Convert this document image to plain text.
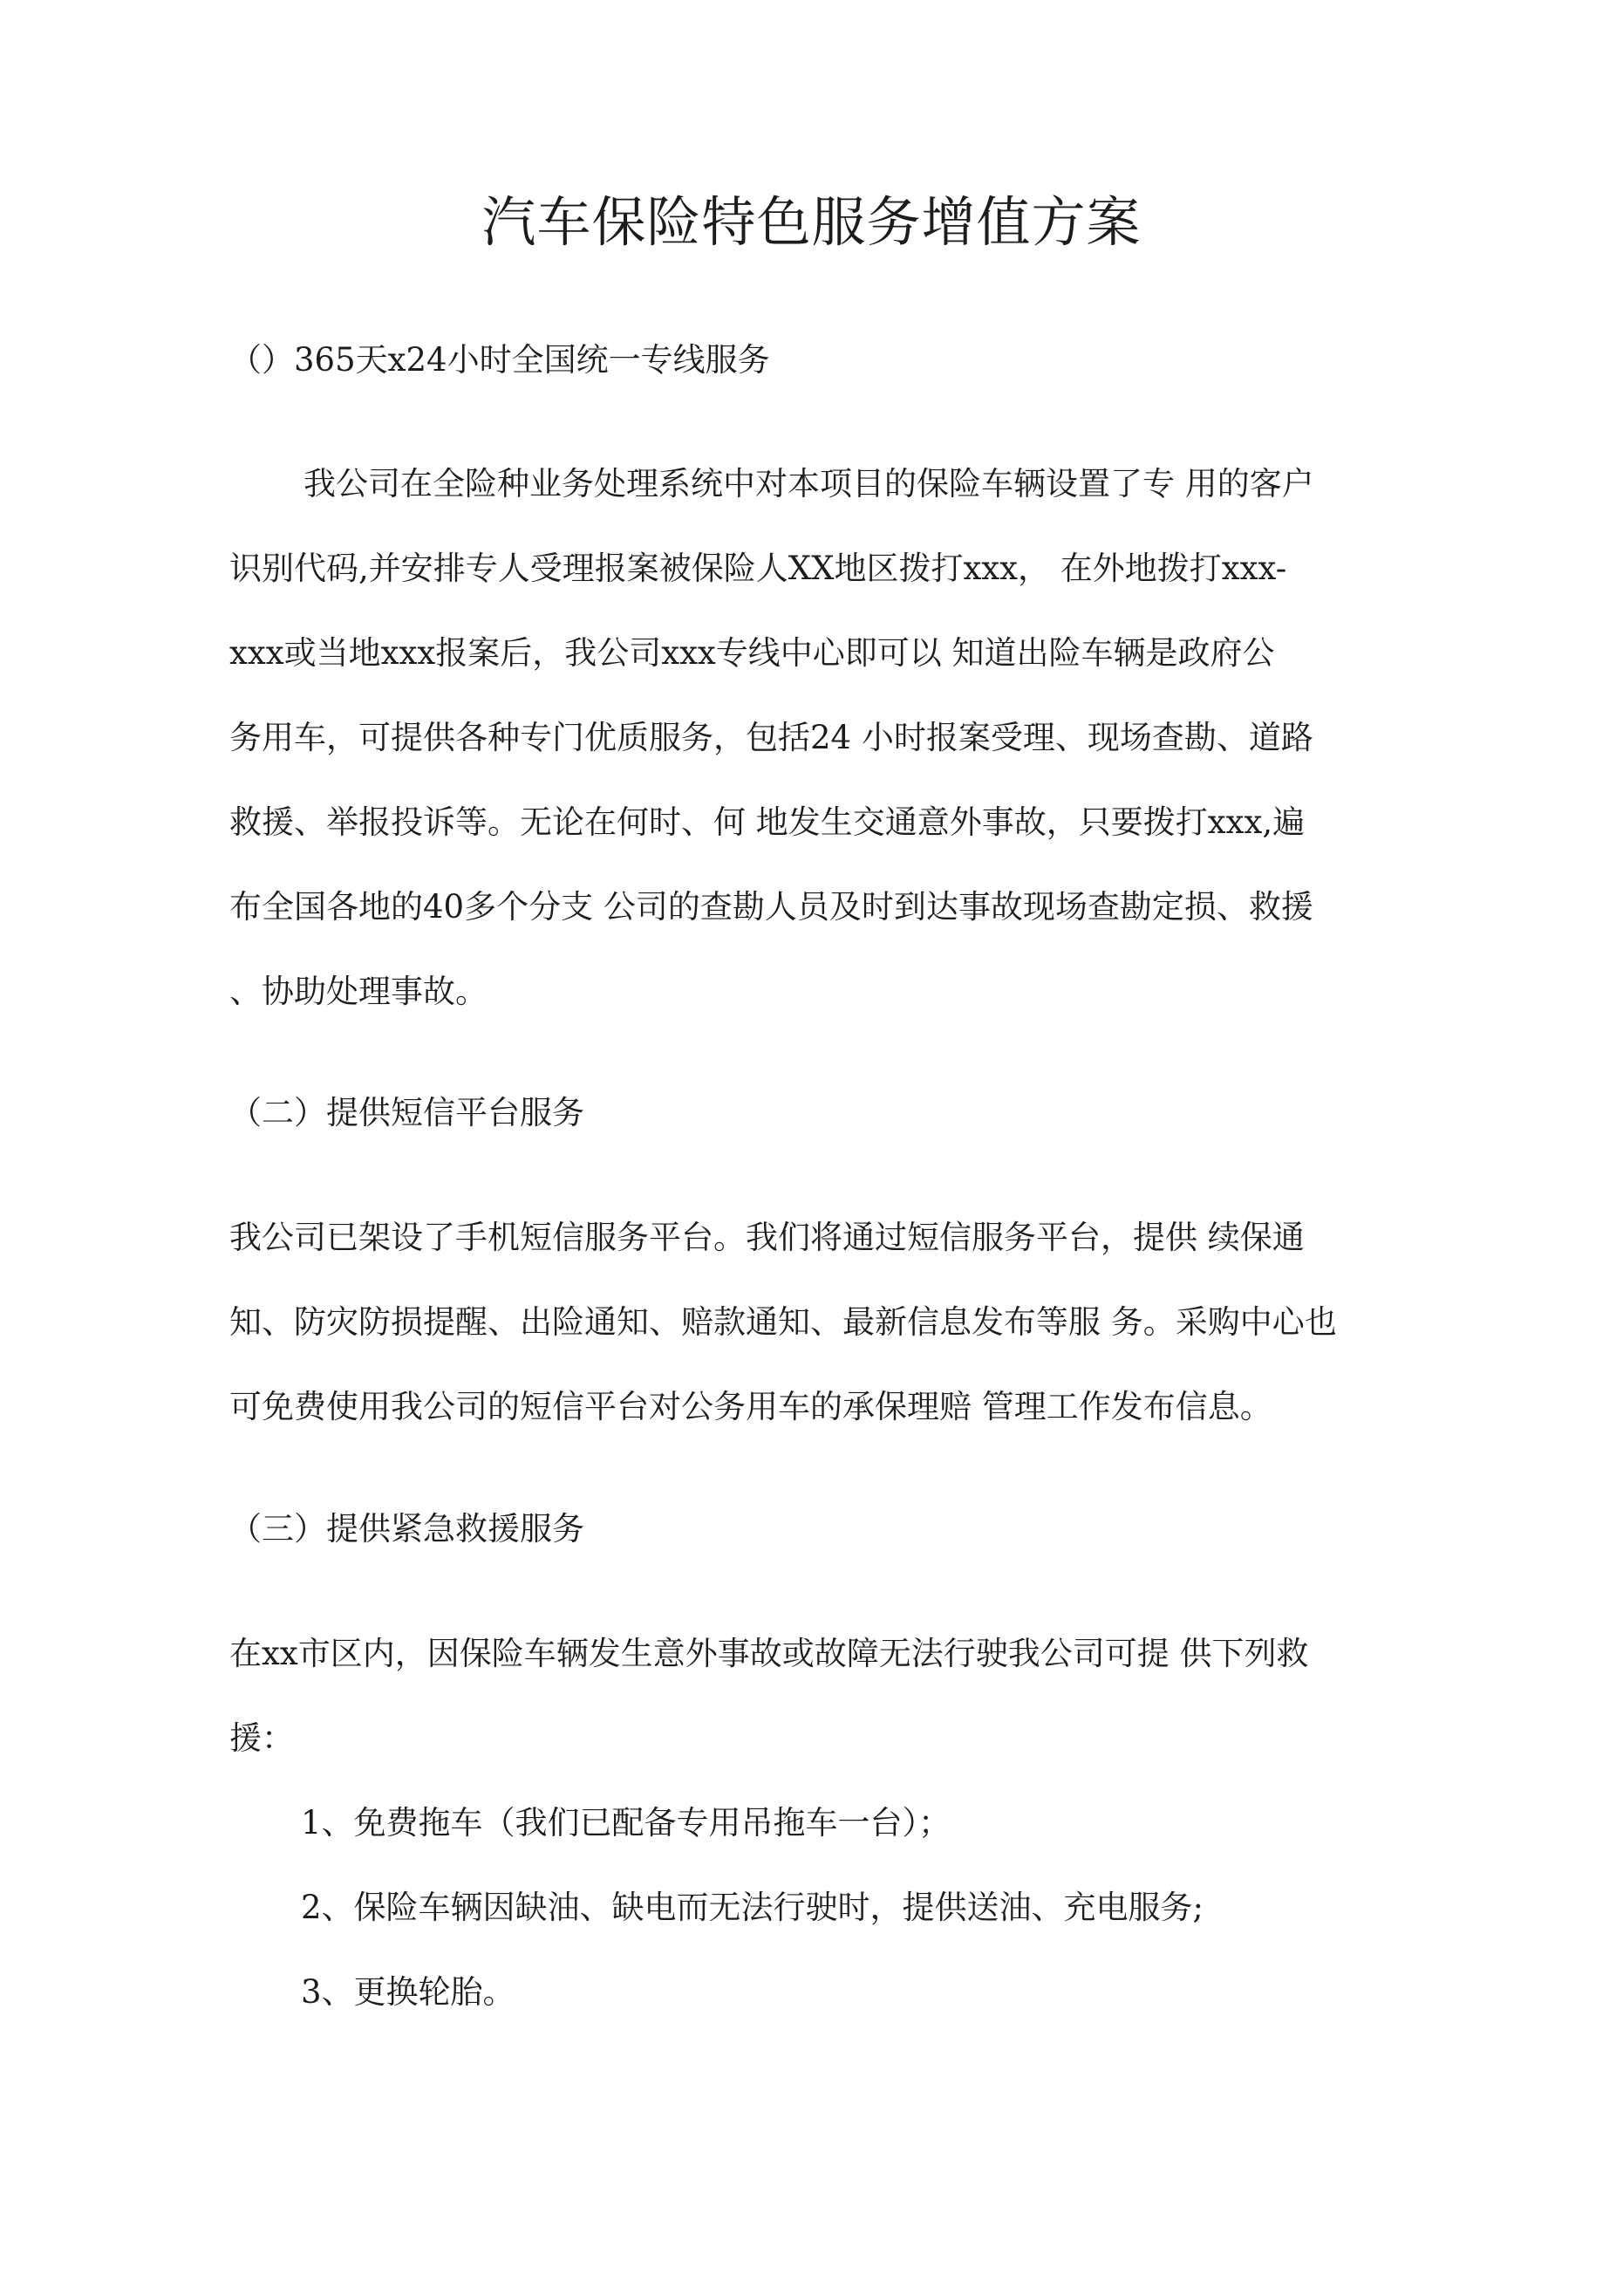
汽车保险特色服务增值方案
（）365天x24小时全国统一专线服务
我公司在全险种业务处理系统中对本项目的保险车辆设置了专 用的客户
识别代码,并安排专人受理报案被保险人XX地区拨打xxx， 在外地拨打xxx-
xxx或当地xxx报案后，我公司xxx专线中心即可以 知道出险车辆是政府公
务用车，可提供各种专门优质服务，包括24 小时报案受理、现场查勘、道路
救援、举报投诉等。无论在何时、何 地发生交通意外事故，只要拨打xxx,遍
布全国各地的40多个分支 公司的查勘人员及时到达事故现场查勘定损、救援
、协助处理事故。
（二）提供短信平台服务
我公司已架设了手机短信服务平台。我们将通过短信服务平台，提供 续保通
知、防灾防损提醒、出险通知、赔款通知、最新信息发布等服 务。采购中心也
可免费使用我公司的短信平台对公务用车的承保理赔 管理工作发布信息。
（三）提供紧急救援服务
在xx市区内，因保险车辆发生意外事故或故障无法行驶我公司可提 供下列救
援：
1、免费拖车（我们已配备专用吊拖车一台）；
2、保险车辆因缺油、缺电而无法行驶时，提供送油、充电服务;
3、更换轮胎。
